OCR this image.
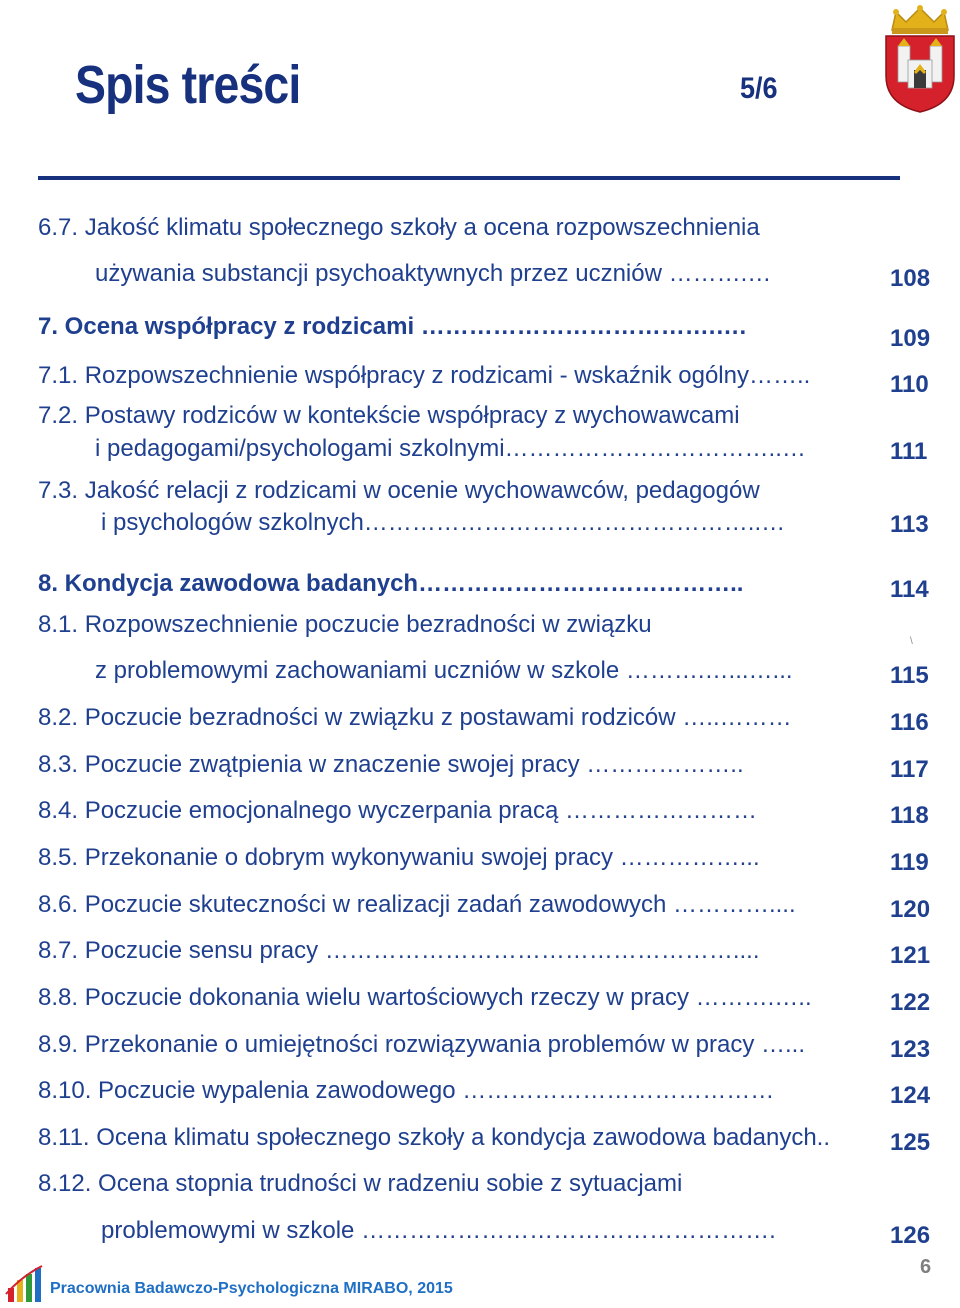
Spis treści	5/6
6.7. Jakość klimatu społecznego szkoły a ocena rozpowszechnienia
używania substancji psychoaktywnych przez uczniów ……….…	108
7. Ocena współpracy z rodzicami ……………………………….….	109
7.1. Rozpowszechnienie współpracy z rodzicami - wskaźnik ogólny……..	110
7.2. Postawy rodziców w kontekście współpracy z wychowawcami
i pedagogami/psychologami szkolnymi……………………………..…	111
7.3. Jakość relacji z rodzicami w ocenie wychowawców, pedagogów
i psychologów szkolnych…………………………………………..…	113
8. Kondycja zawodowa badanych…………………………………..	114
8.1. Rozpowszechnienie poczucie bezradności w związku
\
z problemowymi zachowaniami uczniów w szkole ……….…...…...	115
8.2. Poczucie bezradności w związku z postawami rodziców …..………	116
8.3. Poczucie zwątpienia w znaczenie swojej pracy ………………..	117
8.4. Poczucie emocjonalnego wyczerpania pracą ……………………	118
8.5. Przekonanie o dobrym wykonywaniu swojej pracy ……………...	119
8.6. Poczucie skuteczności w realizacji zadań zawodowych …………....	120
8.7. Poczucie sensu pracy ……………………………………………....	121
8.8. Poczucie dokonania wielu wartościowych rzeczy w pracy ……….…..	122
8.9. Przekonanie o umiejętności rozwiązywania problemów w pracy …...	123
8.10. Poczucie wypalenia zawodowego …………………………………	124
8.11. Ocena klimatu społecznego szkoły a kondycja zawodowa badanych.. 125
8.12. Ocena stopnia trudności w radzeniu sobie z sytuacjami
problemowymi w szkole …………………………………………….	126
Pracownia Badawczo-Psychologiczna MIRABO, 2015
6
